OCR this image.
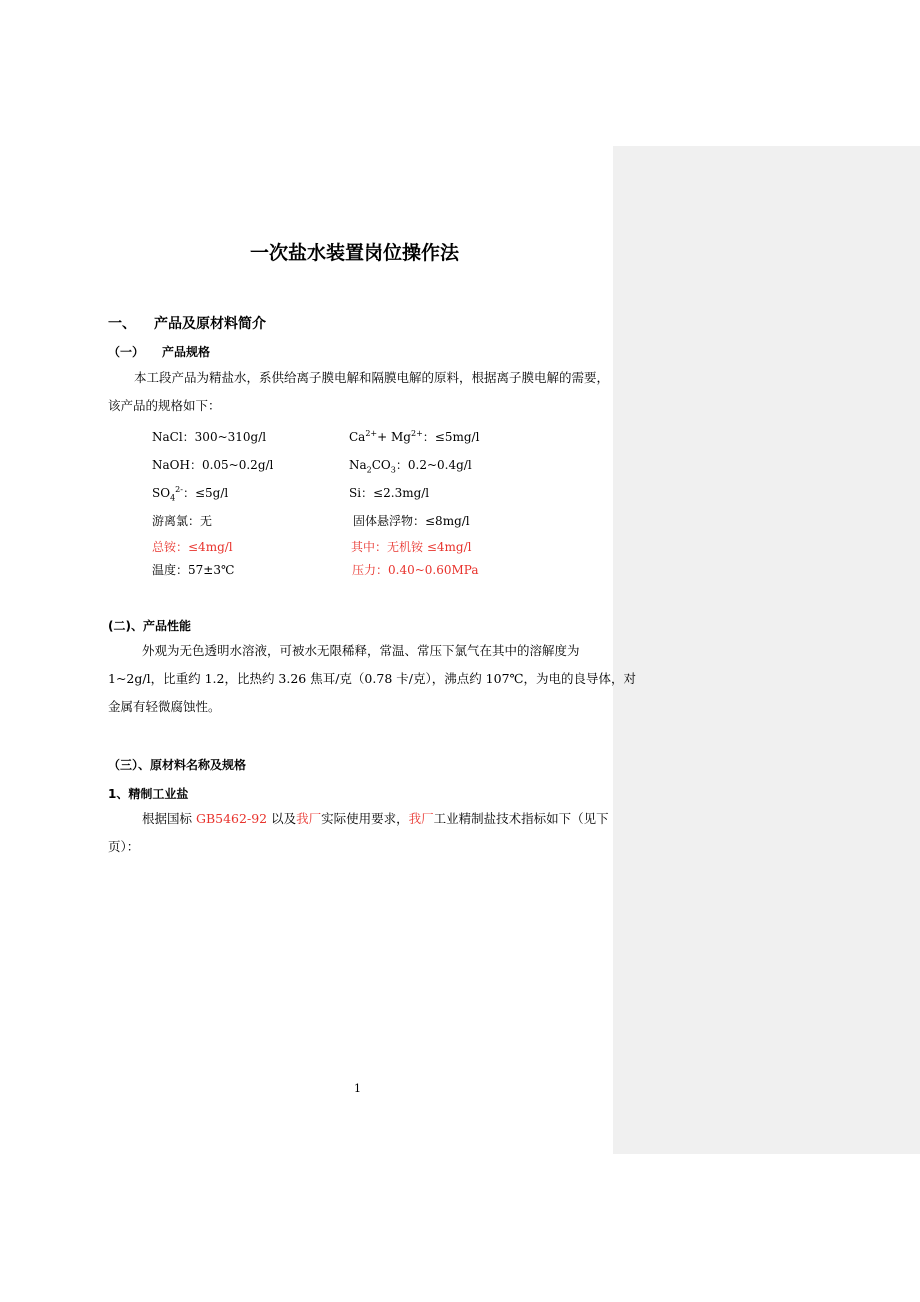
一次盐水装置岗位操作法
一、 产品及原材料简介
（一） 产品规格
本工段产品为精盐水，系供给离子膜电解和隔膜电解的原料，根据离子膜电解的需要，
该产品的规格如下：
NaCl：300~310g/l	$Ca^{2+}+ Mg^{2+}$：≤5mg/l
NaOH：0.05~0.2g/l	$Na_2CO_3$：0.2~0.4g/l
$SO_4^{2-}$：≤5g/l	Si：≤2.3mg/l
游离氯：无	固体悬浮物：≤8mg/l
总铵：≤4mg/l	其中：无机铵 ≤4mg/l
温度：57±3℃	压力：0.40~0.60MPa
(二)、产品性能
外观为无色透明水溶液，可被水无限稀释，常温、常压下氯气在其中的溶解度为
1~2g/l，比重约 1.2，比热约 3.26 焦耳/克（0.78 卡/克），沸点约 107℃，为电的良导体，对
金属有轻微腐蚀性。
（三）、原材料名称及规格
1、精制工业盐
根据国标 GB5462-92 以及我厂实际使用要求，我厂工业精制盐技术指标如下（见下
页）：
1
